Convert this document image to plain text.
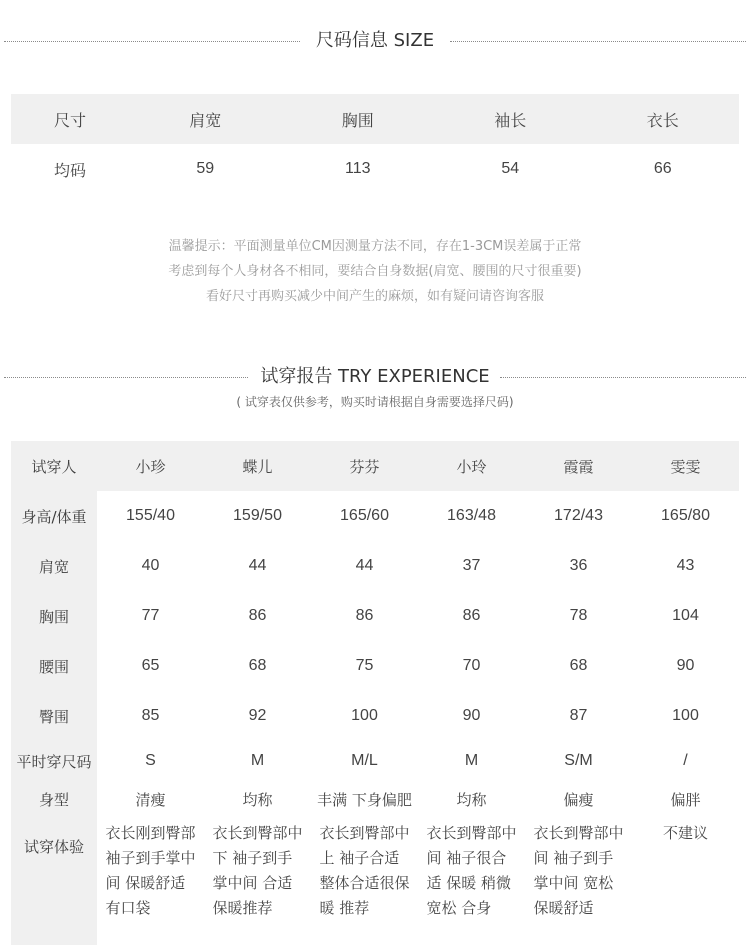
尺码信息 SIZE
尺寸	肩宽	胸围	袖长	衣长
均码	59	113	54	66
温馨提示：平面测量单位CM因测量方法不同，存在1-3CM误差属于正常
考虑到每个人身材各不相同，要结合自身数据(肩宽、腰围的尺寸很重要)
看好尺寸再购买减少中间产生的麻烦，如有疑问请咨询客服
试穿报告 TRY EXPERIENCE
( 试穿表仅供参考，购买时请根据自身需要选择尺码)
试穿人	小珍	蝶儿	芬芬	小玲	霞霞	雯雯
身高/体重	155/40	159/50	165/60	163/48	172/43	165/80
肩宽	40	44	44	37	36	43
胸围	77	86	86	86	78	104
腰围	65	68	75	70	68	90
臀围	85	92	100	90	87	100
平时穿尺码	S	M	M/L	M	S/M	/
身型	清瘦	均称	丰满 下身偏肥	均称	偏瘦	偏胖
试穿体验	衣长刚到臀部 袖子到手掌中间 保暖舒适 有口袋	衣长到臀部中下 袖子到手掌中间 合适 保暖推荐	衣长到臀部中上 袖子合适 整体合适很保暖 推荐	衣长到臀部中间 袖子很合适 保暖 稍微宽松 合身	衣长到臀部中间 袖子到手掌中间 宽松 保暖舒适	不建议
